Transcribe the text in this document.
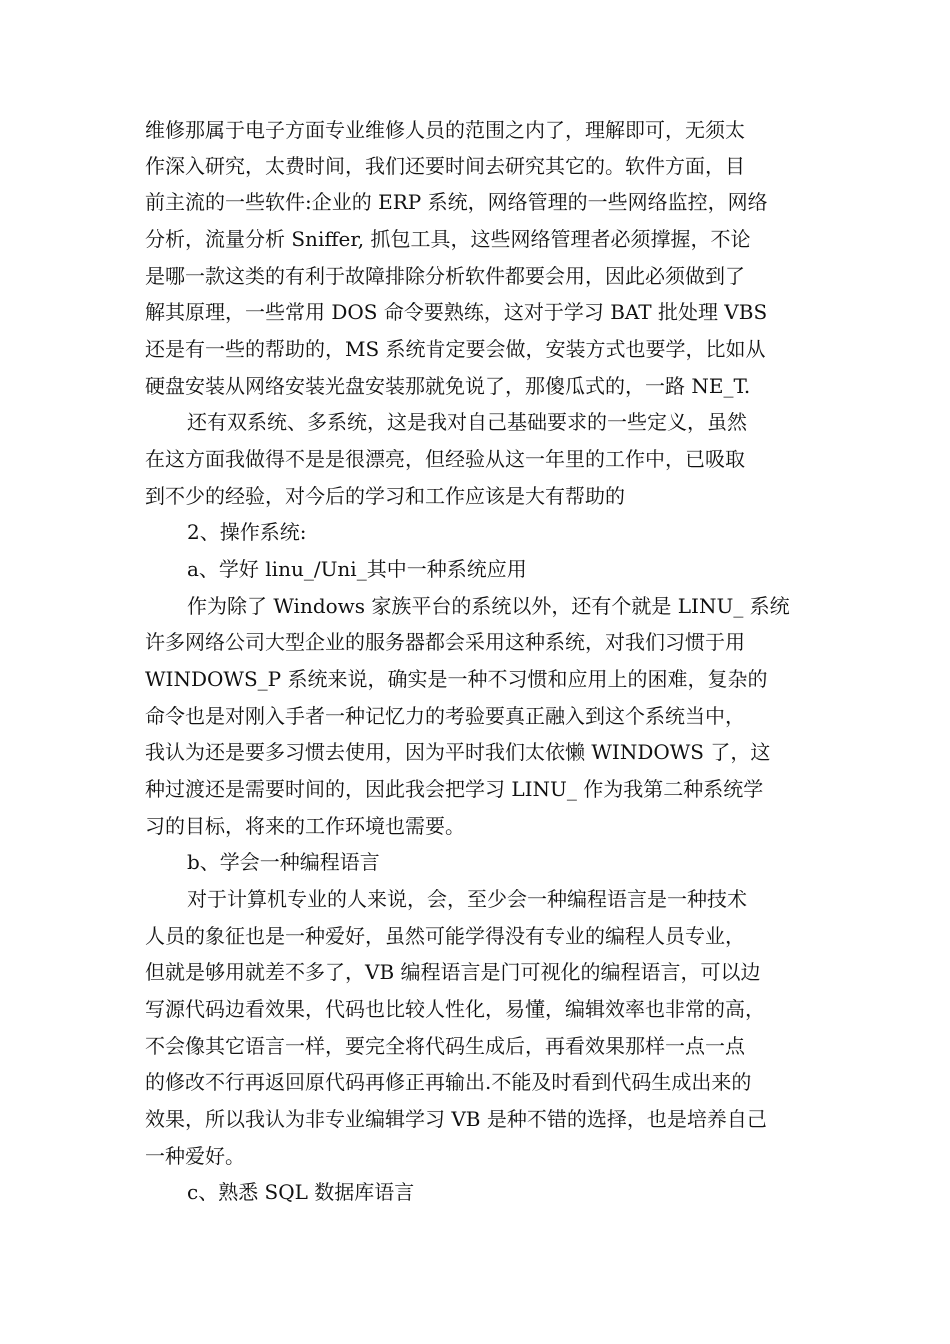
维修那属于电子方面专业维修人员的范围之内了，理解即可，无须太
作深入研究，太费时间，我们还要时间去研究其它的。软件方面，目
前主流的一些软件:企业的 ERP 系统，网络管理的一些网络监控，网络
分析，流量分析 Sniffer, 抓包工具，这些网络管理者必须撑握，不论
是哪一款这类的有利于故障排除分析软件都要会用，因此必须做到了
解其原理，一些常用 DOS 命令要熟练，这对于学习 BAT 批处理 VBS
还是有一些的帮助的，MS 系统肯定要会做，安装方式也要学，比如从
硬盘安装从网络安装光盘安装那就免说了，那傻瓜式的，一路 NE_T.
还有双系统、多系统，这是我对自己基础要求的一些定义，虽然
在这方面我做得不是是很漂亮，但经验从这一年里的工作中，已吸取
到不少的经验，对今后的学习和工作应该是大有帮助的
2、操作系统:
a、学好 linu_/Uni_其中一种系统应用
作为除了 Windows 家族平台的系统以外，还有个就是 LINU_ 系统
许多网络公司大型企业的服务器都会采用这种系统，对我们习惯于用
WINDOWS_P 系统来说，确实是一种不习惯和应用上的困难，复杂的
命令也是对刚入手者一种记忆力的考验要真正融入到这个系统当中，
我认为还是要多习惯去使用，因为平时我们太依懒 WINDOWS 了，这
种过渡还是需要时间的，因此我会把学习 LINU_ 作为我第二种系统学
习的目标，将来的工作环境也需要。
b、学会一种编程语言
对于计算机专业的人来说，会，至少会一种编程语言是一种技术
人员的象征也是一种爱好，虽然可能学得没有专业的编程人员专业，
但就是够用就差不多了，VB 编程语言是门可视化的编程语言，可以边
写源代码边看效果，代码也比较人性化，易懂，编辑效率也非常的高，
不会像其它语言一样，要完全将代码生成后，再看效果那样一点一点
的修改不行再返回原代码再修正再输出.不能及时看到代码生成出来的
效果，所以我认为非专业编辑学习 VB 是种不错的选择，也是培养自己
一种爱好。
c、熟悉 SQL 数据库语言
